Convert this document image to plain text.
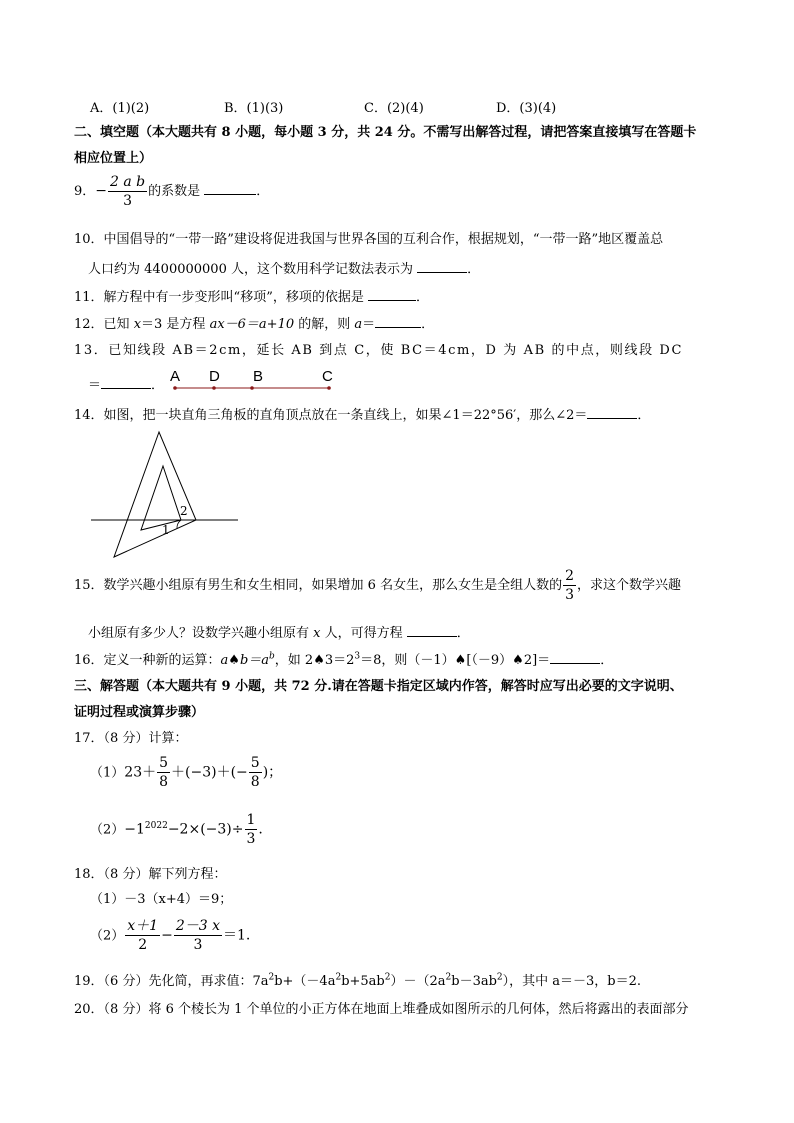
A．(1)(2)	B．(1)(3)	C．(2)(4)	D．(3)(4)
二、填空题（本大题共有 8 小题，每小题 3 分，共 24 分。不需写出解答过程，请把答案直接填写在答题卡
相应位置上）
9．− $\frac{\text{2 a b}}{3}$ 的系数是	．
10．中国倡导的“一带一路”建设将促进我国与世界各国的互利合作，根据规划，“一带一路”地区覆盖总
人口约为 4400000000 人，这个数用科学记数法表示为	．
11．解方程中有一步变形叫“移项”，移项的依据是	．
12．已知 x＝3 是方程 ax－6＝a+10 的解，则 a＝	．
13．已知线段 AB＝2cm，延长 AB 到点 C，使 BC＝4cm，D 为 AB 的中点，则线段 DC
＝	．
A D B	C
14．如图，把一块直角三角板的直角顶点放在一条直线上，如果∠1＝22°56′，那么∠2＝	．
1
2
15．数学兴趣小组原有男生和女生相同，如果增加 6 名女生，那么女生是全组人数的 $\frac{2}{3}$ ，求这个数学兴趣
小组原有多少人？设数学兴趣小组原有 x 人，可得方程	．
16．定义一种新的运算：$a♠b=a^b$，如 $2♠3=2^3=8$，则（－1）♠[（－9）♠2]＝	．
三、解答题（本大题共有 9 小题，共 72 分.请在答题卡指定区域内作答，解答时应写出必要的文字说明、
证明过程或演算步骤）
17．（8 分）计算：
$(1)23+ \frac{5}{8} +(-3)+(- \frac{5}{8}$ )；
$(2)-1^{2022}-2\times(-3)\div \frac{1}{3}$ .
18．（8 分）解下列方程：
（1）－3（x+4）＝9；
$(2) \frac{x+1}{2} - \frac{2-3 x}{3} =1$.
19．（6 分）先化简，再求值：$7a^2b+(-4a^2b+5ab^2)-(2a^2b-3ab^2)$，其中 a＝－3，b＝2.
20．（8 分）将 6 个棱长为 1 个单位的小正方体在地面上堆叠成如图所示的几何体，然后将露出的表面部分
